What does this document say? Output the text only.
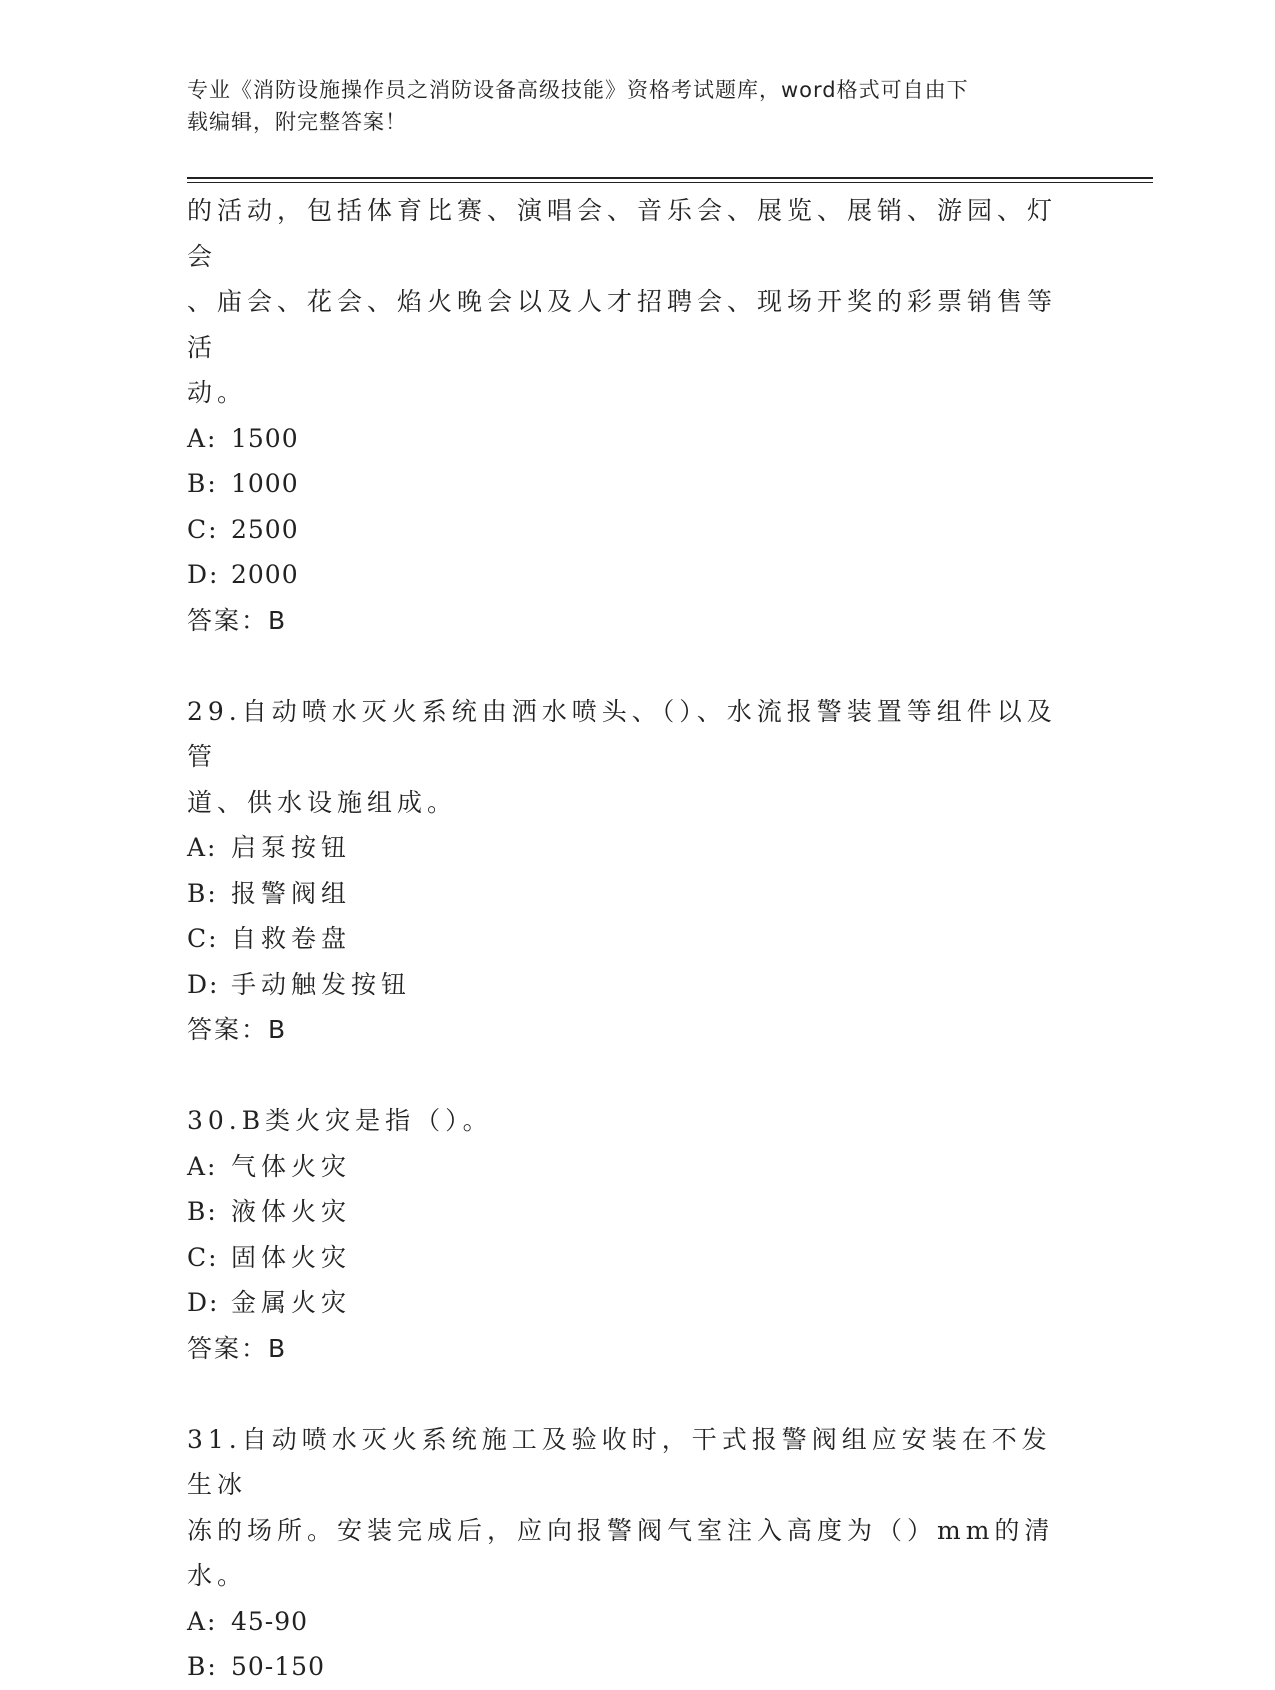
专业《消防设施操作员之消防设备高级技能》资格考试题库，word格式可自由下
载编辑，附完整答案！

的活动，包括体育比赛、演唱会、音乐会、展览、展销、游园、灯会

、庙会、花会、焰火晚会以及人才招聘会、现场开奖的彩票销售等活

动。

A: 1500

B: 1000

C: 2500

D: 2000

答案：B

29.自动喷水灭火系统由洒水喷头、（）、水流报警装置等组件以及管

道、供水设施组成。

A: 启泵按钮

B: 报警阀组

C: 自救卷盘

D: 手动触发按钮

答案：B

30.B类火灾是指（）。

A: 气体火灾

B: 液体火灾

C: 固体火灾

D: 金属火灾

答案：B

31.自动喷水灭火系统施工及验收时，干式报警阀组应安装在不发生冰

冻的场所。安装完成后，应向报警阀气室注入高度为（）mm的清水。

A: 45-90

B: 50-150
